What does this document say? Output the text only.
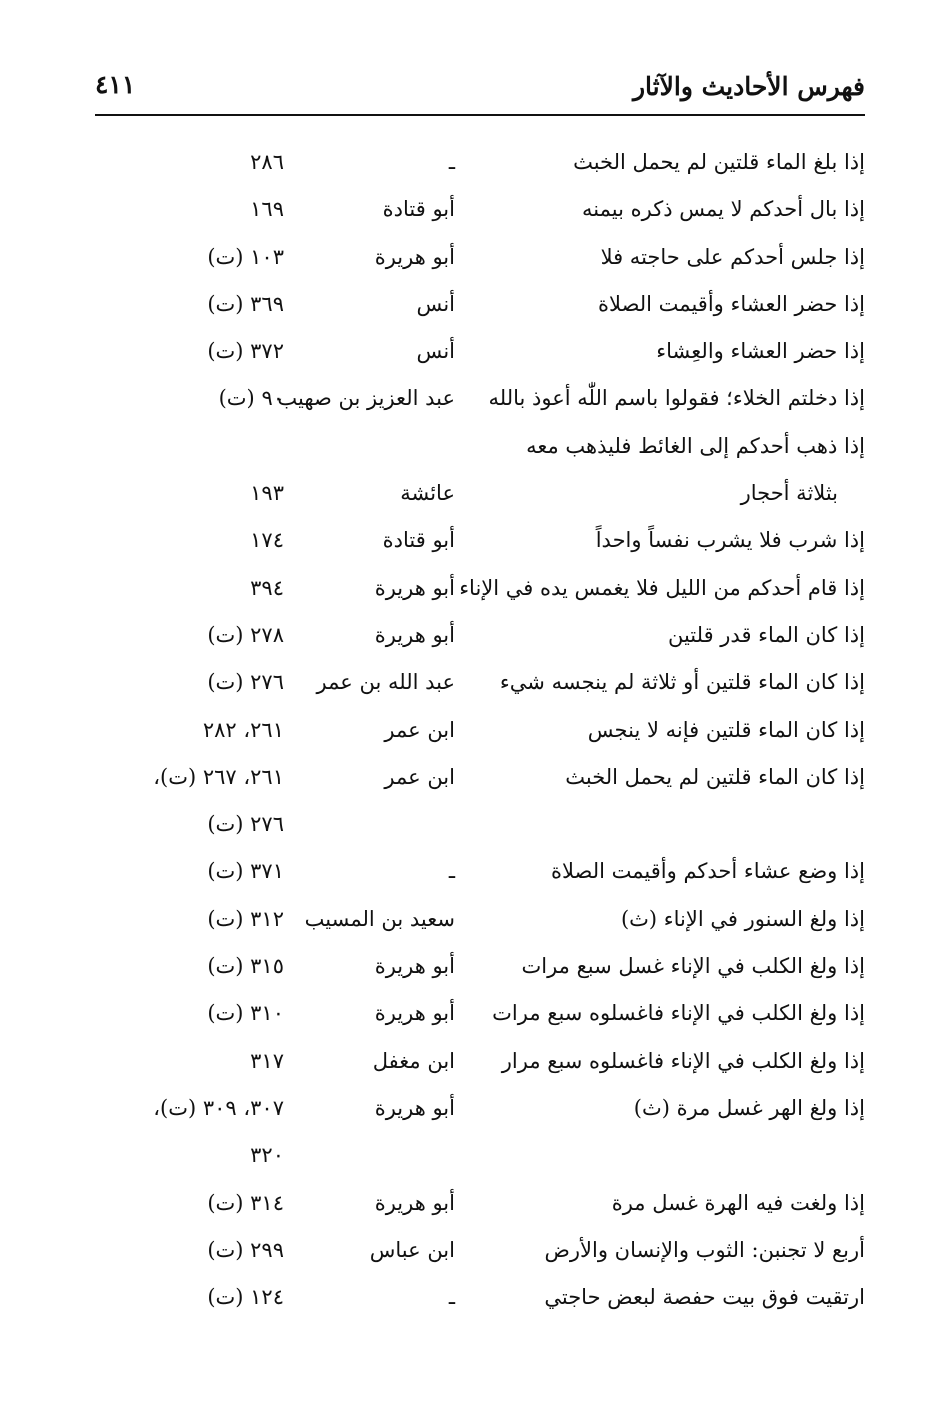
فهرس الأحاديث والآثار
٤١١
إذا بلغ الماء قلتين لم يحمل الخبث
ـ
٢٨٦
إذا بال أحدكم لا يمس ذكره بيمنه
أبو قتادة
١٦٩
إذا جلس أحدكم على حاجته فلا
أبو هريرة
١٠٣ (ت)
إذا حضر العشاء وأقيمت الصلاة
أنس
٣٦٩ (ت)
إذا حضر العشاء والعِشاء
أنس
٣٧٢ (ت)
إذا دخلتم الخلاء؛ فقولوا باسم اللّٰه أعوذ بالله
عبد العزيز بن صهيب
٩٠ (ت)
إذا ذهب أحدكم إلى الغائط فليذهب معه
بثلاثة أحجار
عائشة
١٩٣
إذا شرب فلا يشرب نفساً واحداً
أبو قتادة
١٧٤
إذا قام أحدكم من الليل فلا يغمس يده في الإناء
أبو هريرة
٣٩٤
إذا كان الماء قدر قلتين
أبو هريرة
٢٧٨ (ت)
إذا كان الماء قلتين أو ثلاثة لم ينجسه شيء
عبد الله بن عمر
٢٧٦ (ت)
إذا كان الماء قلتين فإنه لا ينجس
ابن عمر
٢٦١، ٢٨٢
إذا كان الماء قلتين لم يحمل الخبث
ابن عمر
٢٦١، ٢٦٧ (ت)،
٢٧٦ (ت)
إذا وضع عشاء أحدكم وأقيمت الصلاة
ـ
٣٧١ (ت)
إذا ولغ السنور في الإناء (ث)
سعيد بن المسيب
٣١٢ (ت)
إذا ولغ الكلب في الإناء غسل سبع مرات
أبو هريرة
٣١٥ (ت)
إذا ولغ الكلب في الإناء فاغسلوه سبع مرات
أبو هريرة
٣١٠ (ت)
إذا ولغ الكلب في الإناء فاغسلوه سبع مرار
ابن مغفل
٣١٧
إذا ولغ الهر غسل مرة (ث)
أبو هريرة
٣٠٧، ٣٠٩ (ت)،
٣٢٠
إذا ولغت فيه الهرة غسل مرة
أبو هريرة
٣١٤ (ت)
أربع لا تجنبن: الثوب والإنسان والأرض
ابن عباس
٢٩٩ (ت)
ارتقيت فوق بيت حفصة لبعض حاجتي
ـ
١٢٤ (ت)
